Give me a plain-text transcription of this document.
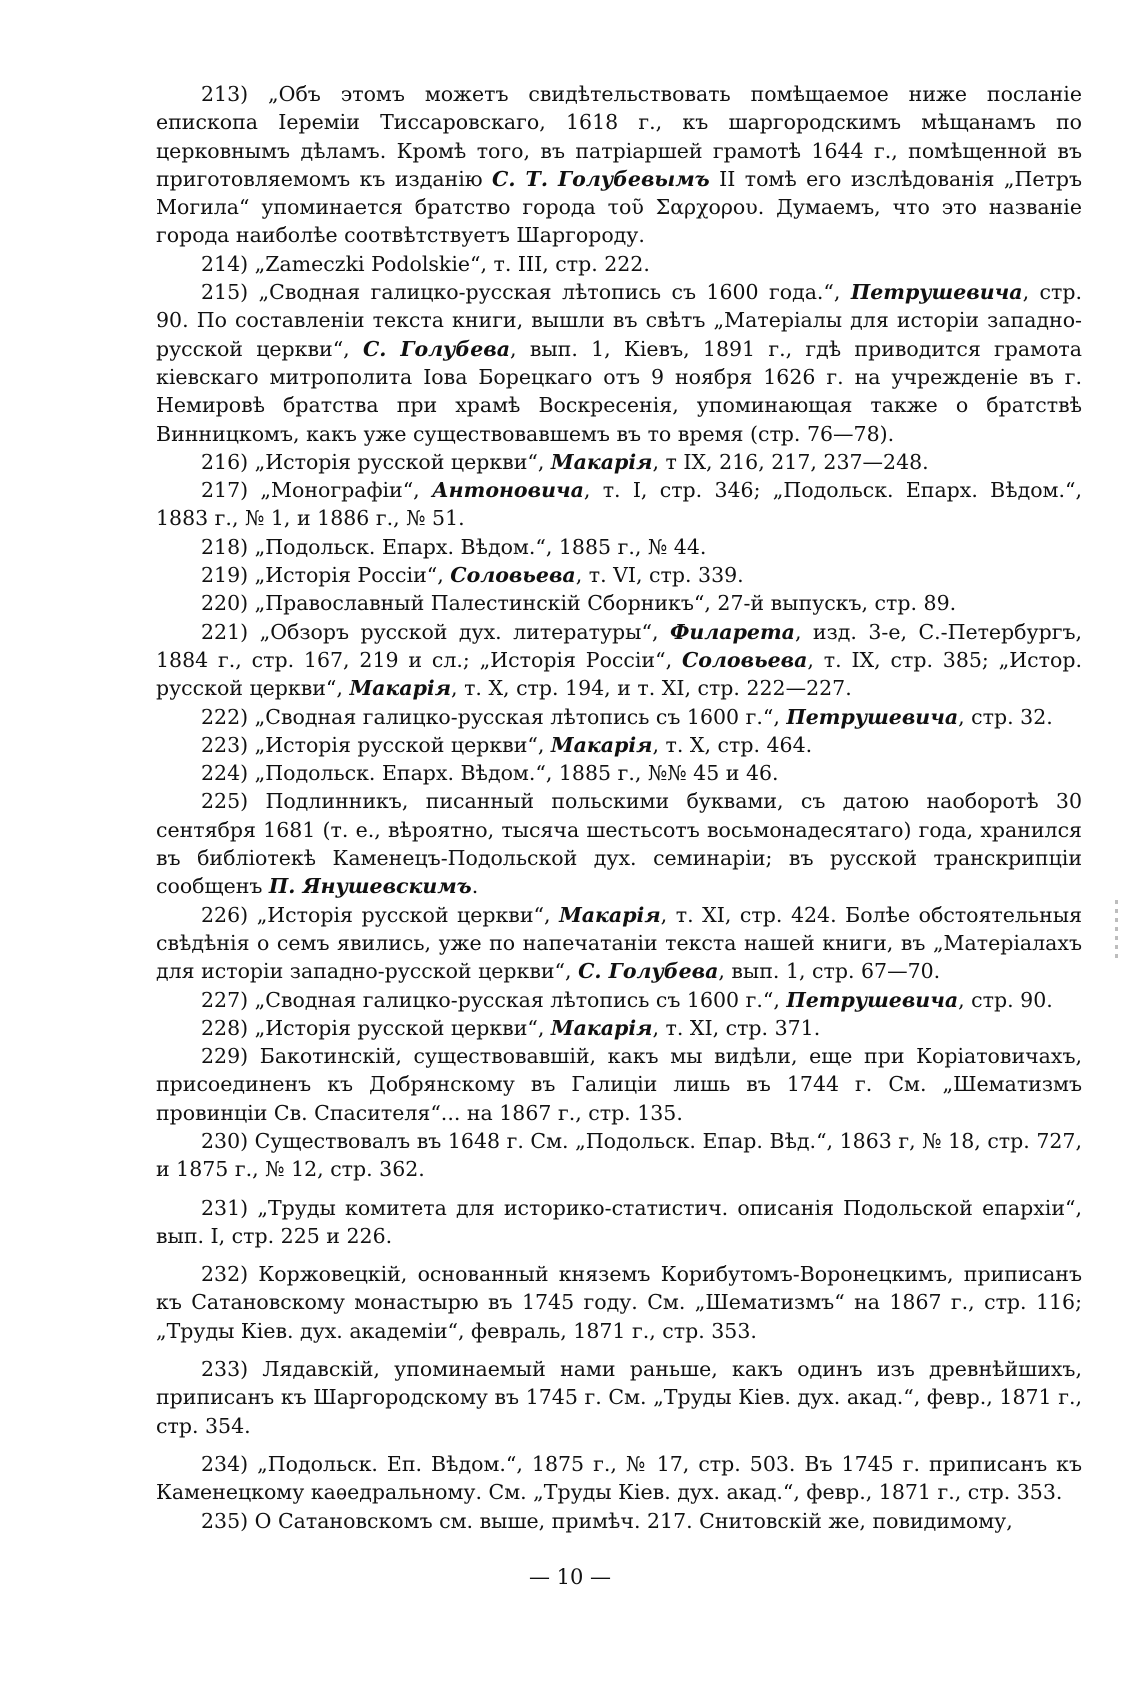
213) „Объ этомъ можетъ свидѣтельствовать помѣщаемое ниже посланіе епископа Іереміи Тиссаровскаго, 1618 г., къ шаргородскимъ мѣщанамъ по церковнымъ дѣламъ. Кромѣ того, въ патріаршей грамотѣ 1644 г., помѣщенной въ приготовляемомъ къ изданію С. Т. Голубевымъ II томѣ его изслѣдованія „Петръ Могила“ упоминается братство города τοῦ Σαρχορου. Думаемъ, что это названіе города наиболѣе соотвѣтствуетъ Шаргороду.

214) „Zameczki Podolskie“, т. III, стр. 222.

215) „Сводная галицко-русская лѣтопись съ 1600 года.“, Петрушевича, стр. 90. По составленіи текста книги, вышли въ свѣтъ „Матеріалы для исторіи западно-русской церкви“, С. Голубева, вып. 1, Кіевъ, 1891 г., гдѣ приводится грамота кіевскаго митрополита Іова Борецкаго отъ 9 ноября 1626 г. на учрежденіе въ г. Немировѣ братства при храмѣ Воскресенія, упоминающая также о братствѣ Винницкомъ, какъ уже существовавшемъ въ то время (стр. 76—78).

216) „Исторія русской церкви“, Макарія, т IX, 216, 217, 237—248.

217) „Монографіи“, Антоновича, т. I, стр. 346; „Подольск. Епарх. Вѣдом.“, 1883 г., № 1, и 1886 г., № 51.

218) „Подольск. Епарх. Вѣдом.“, 1885 г., № 44.

219) „Исторія Россіи“, Соловьева, т. VI, стр. 339.

220) „Православный Палестинскій Сборникъ“, 27-й выпускъ, стр. 89.

221) „Обзоръ русской дух. литературы“, Филарета, изд. 3-е, С.-Петербургъ, 1884 г., стр. 167, 219 и сл.; „Исторія Россіи“, Соловьева, т. IX, стр. 385; „Истор. русской церкви“, Макарія, т. X, стр. 194, и т. XI, стр. 222—227.

222) „Сводная галицко-русская лѣтопись съ 1600 г.“, Петрушевича, стр. 32.

223) „Исторія русской церкви“, Макарія, т. X, стр. 464.

224) „Подольск. Епарх. Вѣдом.“, 1885 г., №№ 45 и 46.

225) Подлинникъ, писанный польскими буквами, съ датою наоборотѣ 30 сентября 1681 (т. е., вѣроятно, тысяча шестьсотъ восьмонадесятаго) года, хранился въ библіотекѣ Каменецъ-Подольской дух. семинаріи; въ русской транскрипціи сообщенъ П. Янушевскимъ.

226) „Исторія русской церкви“, Макарія, т. XI, стр. 424. Болѣе обстоятельныя свѣдѣнія о семъ явились, уже по напечатаніи текста нашей книги, въ „Матеріалахъ для исторіи западно-русской церкви“, С. Голубева, вып. 1, стр. 67—70.

227) „Сводная галицко-русская лѣтопись съ 1600 г.“, Петрушевича, стр. 90.

228) „Исторія русской церкви“, Макарія, т. XI, стр. 371.

229) Бакотинскій, существовавшій, какъ мы видѣли, еще при Коріатовичахъ, присоединенъ къ Добрянскому въ Галиціи лишь въ 1744 г. См. „Шематизмъ провинціи Св. Спасителя“... на 1867 г., стр. 135.

230) Существовалъ въ 1648 г. См. „Подольск. Епар. Вѣд.“, 1863 г, № 18, стр. 727, и 1875 г., № 12, стр. 362.

231) „Труды комитета для историко-статистич. описанія Подольской епархіи“, вып. I, стр. 225 и 226.

232) Коржовецкій, основанный княземъ Корибутомъ-Воронецкимъ, приписанъ къ Сатановскому монастырю въ 1745 году. См. „Шематизмъ“ на 1867 г., стр. 116; „Труды Кіев. дух. академіи“, февраль, 1871 г., стр. 353.

233) Лядавскій, упоминаемый нами раньше, какъ одинъ изъ древнѣйшихъ, приписанъ къ Шаргородскому въ 1745 г. См. „Труды Кіев. дух. акад.“, февр., 1871 г., стр. 354.

234) „Подольск. Еп. Вѣдом.“, 1875 г., № 17, стр. 503. Въ 1745 г. приписанъ къ Каменецкому каѳедральному. См. „Труды Кіев. дух. акад.“, февр., 1871 г., стр. 353.

235) О Сатановскомъ см. выше, примѣч. 217. Снитовскій же, повидимому,

— 10 —
